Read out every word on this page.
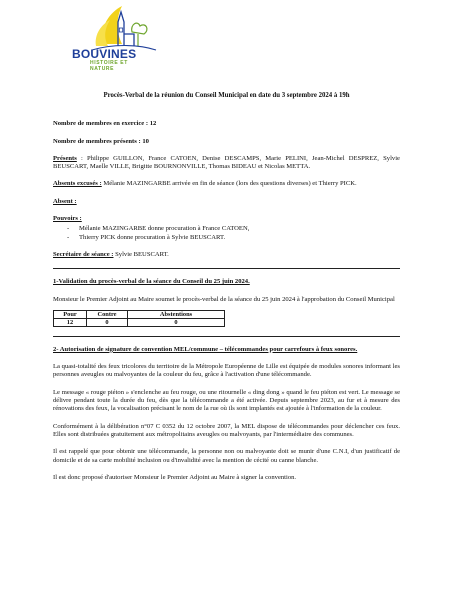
BOUVINES
HISTOIRE ET NATURE

Procès-Verbal de la réunion du Conseil Municipal en date du 3 septembre 2024 à 19h

Nombre de membres en exercice : 12

Nombre de membres présents : 10

Présents : Philippe GUILLON, France CATOEN, Denise DESCAMPS, Marie PELINI, Jean-Michel DESPREZ, Sylvie BEUSCART, Maelle VILLE, Brigitte BOURNONVILLE, Thomas BIDEAU et Nicolas METTA.

Absents excusés : Mélanie MAZINGARBE arrivée en fin de séance (lors des questions diverses) et Thierry PICK.

Absent :

Pouvoirs :

- Mélanie MAZINGARBE donne procuration à France CATOEN,
- Thierry PICK donne procuration à Sylvie BEUSCART.

Secrétaire de séance : Sylvie BEUSCART.

1-Validation du procès-verbal de la séance du Conseil du 25 juin 2024.

Monsieur le Premier Adjoint au Maire soumet le procès-verbal de la séance du 25 juin 2024 à l'approbation du Conseil Municipal

Pour	Contre	Abstentions
12	0	0

2- Autorisation de signature de convention MEL/commune – télécommandes pour carrefours à feux sonores.

La quasi-totalité des feux tricolores du territoire de la Métropole Européenne de Lille est équipée de modules sonores informant les personnes aveugles ou malvoyantes de la couleur du feu, grâce à l'activation d'une télécommande.

Le message « rouge piéton » s'enclenche au feu rouge, ou une ritournelle « ding dong » quand le feu piéton est vert. Le message se délivre pendant toute la durée du feu, dès que la télécommande a été activée. Depuis septembre 2023, au fur et à mesure des rénovations des feux, la vocalisation précisant le nom de la rue où ils sont implantés est ajoutée à l'information de la couleur.

Conformément à la délibération n°07 C 0352 du 12 octobre 2007, la MEL dispose de télécommandes pour déclencher ces feux. Elles sont distribuées gratuitement aux métropolitains aveugles ou malvoyants, par l'intermédiaire des communes.

Il est rappelé que pour obtenir une télécommande, la personne non ou malvoyante doit se munir d'une C.N.I, d'un justificatif de domicile et de sa carte mobilité inclusion ou d'invalidité avec la mention de cécité ou canne blanche.

Il est donc proposé d'autoriser Monsieur le Premier Adjoint au Maire à signer la convention.
